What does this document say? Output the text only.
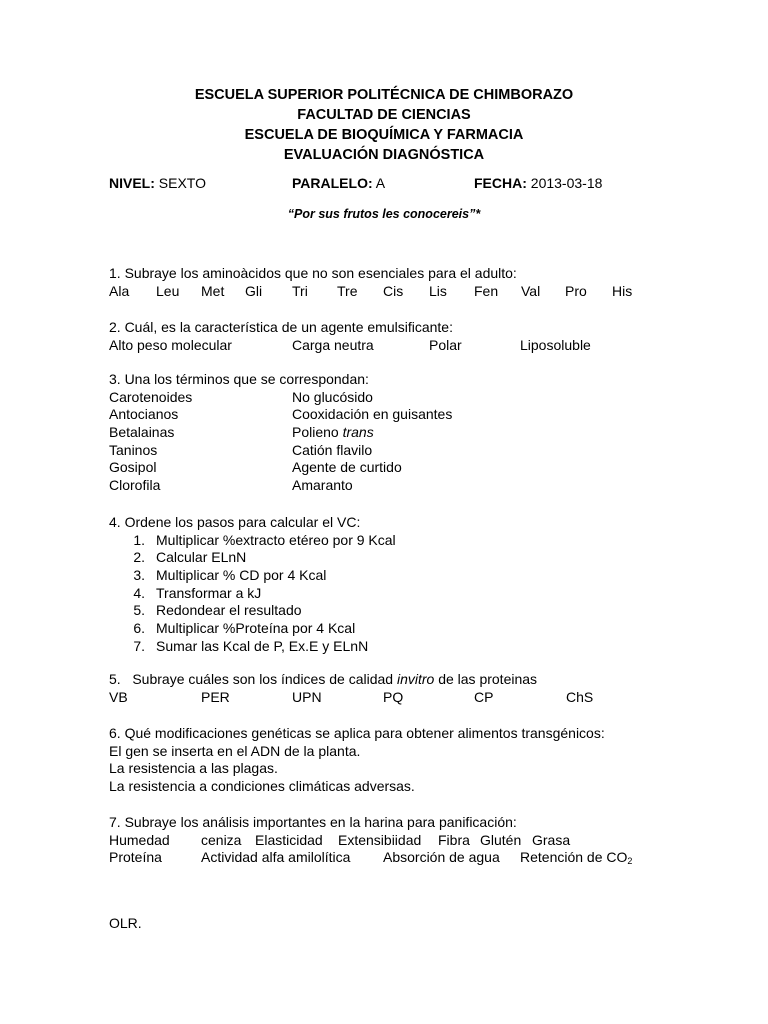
ESCUELA SUPERIOR POLITÉCNICA DE CHIMBORAZO
FACULTAD DE CIENCIAS
ESCUELA DE BIOQUÍMICA Y FARMACIA
EVALUACIÓN DIAGNÓSTICA
NIVEL: SEXTO	PARALELO: A	FECHA: 2013-03-18
“Por sus frutos les conocereis”*
1. Subraye los aminoàcidos que no son esenciales para el adulto:
Ala Leu Met Gli Tri Tre Cis Lis Fen Val Pro His
2. Cuál, es la característica de un agente emulsificante:
Alto peso molecular	Carga neutra	Polar	Liposoluble
3. Una los términos que se correspondan:
Carotenoides	No glucósido
Antocianos	Cooxidación en guisantes
Betalainas	Polieno trans
Taninos	Catión flavilo
Gosipol	Agente de curtido
Clorofila	Amaranto
4. Ordene los pasos para calcular el VC:
1. Multiplicar %extracto etéreo por 9 Kcal
2. Calcular ELnN
3. Multiplicar % CD por 4 Kcal
4. Transformar a kJ
5. Redondear el resultado
6. Multiplicar %Proteína por 4 Kcal
7. Sumar las Kcal de P, Ex.E y ELnN
5.   Subraye cuáles son los índices de calidad invitro de las proteinas
VB	PER	UPN	PQ	CP	ChS
6. Qué modificaciones genéticas se aplica para obtener alimentos transgénicos:
El gen se inserta en el ADN de la planta.
La resistencia a las plagas.
La resistencia a condiciones climáticas adversas.
7. Subraye los análisis importantes en la harina para panificación:
Humedad ceniza Elasticidad Extensibiidad Fibra Glutén Grasa
Proteína	Actividad alfa amilolítica Absorción de agua Retención de $CO_2$
OLR.
